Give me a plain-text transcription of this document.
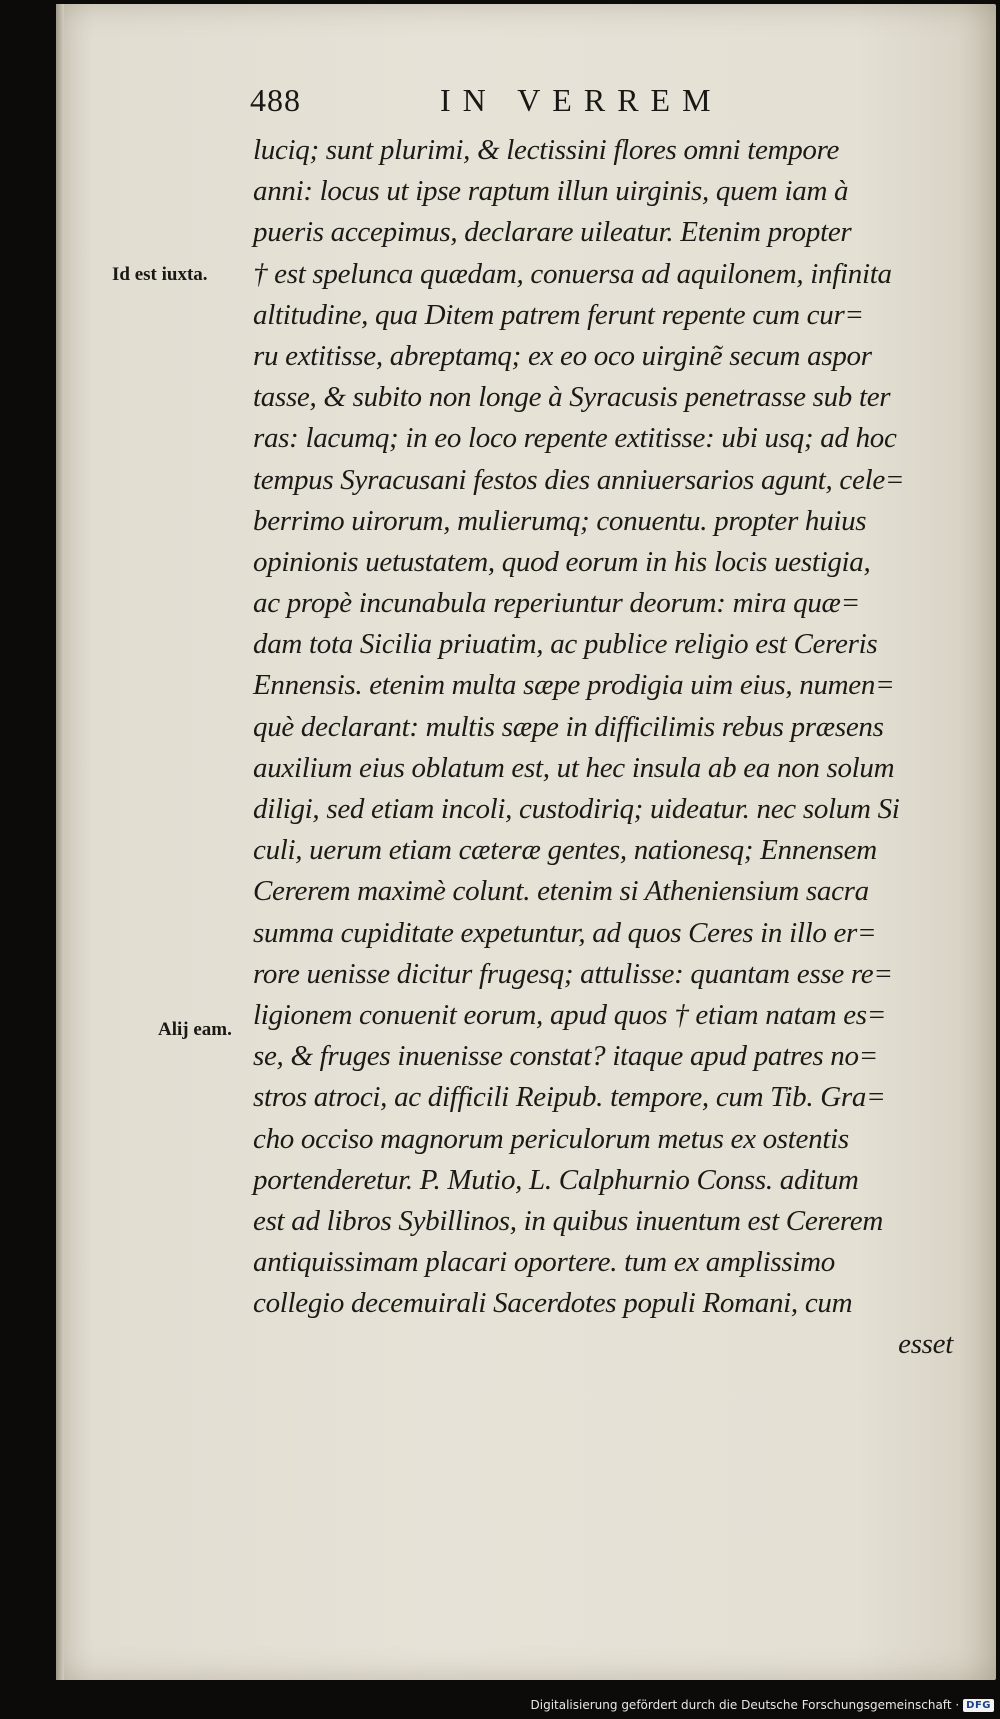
488	IN VERREM
Id est iuxta.
Alij eam.
luciq; sunt plurimi, & lectissini flores omni tempore
anni: locus ut ipse raptum illun uirginis, quem iam à
pueris accepimus, declarare uileatur. Etenim propter
† est spelunca quædam, conuersa ad aquilonem, infinita
altitudine, qua Ditem patrem ferunt repente cum cur=
ru extitisse, abreptamq; ex eo oco uirginẽ secum aspor
tasse, & subito non longe à Syracusis penetrasse sub ter
ras: lacumq; in eo loco repente extitisse: ubi usq; ad hoc
tempus Syracusani festos dies anniuersarios agunt, cele=
berrimo uirorum, mulierumq; conuentu. propter huius
opinionis uetustatem, quod eorum in his locis uestigia,
ac propè incunabula reperiuntur deorum: mira quæ=
dam tota Sicilia priuatim, ac publice religio est Cereris
Ennensis. etenim multa sæpe prodigia uim eius, numen=
què declarant: multis sæpe in difficilimis rebus præsens
auxilium eius oblatum est, ut hec insula ab ea non solum
diligi, sed etiam incoli, custodiriq; uideatur. nec solum Si
culi, uerum etiam cæteræ gentes, nationesq; Ennensem
Cererem maximè colunt. etenim si Atheniensium sacra
summa cupiditate expetuntur, ad quos Ceres in illo er=
rore uenisse dicitur frugesq; attulisse: quantam esse re=
ligionem conuenit eorum, apud quos † etiam natam es=
se, & fruges inuenisse constat? itaque apud patres no=
stros atroci, ac difficili Reipub. tempore, cum Tib. Gra=
cho occiso magnorum periculorum metus ex ostentis
portenderetur. P. Mutio, L. Calphurnio Conss. aditum
est ad libros Sybillinos, in quibus inuentum est Cererem
antiquissimam placari oportere. tum ex amplissimo
collegio decemuirali Sacerdotes populi Romani, cum
esset
Digitalisierung gefördert durch die Deutsche Forschungsgemeinschaft · DFG
